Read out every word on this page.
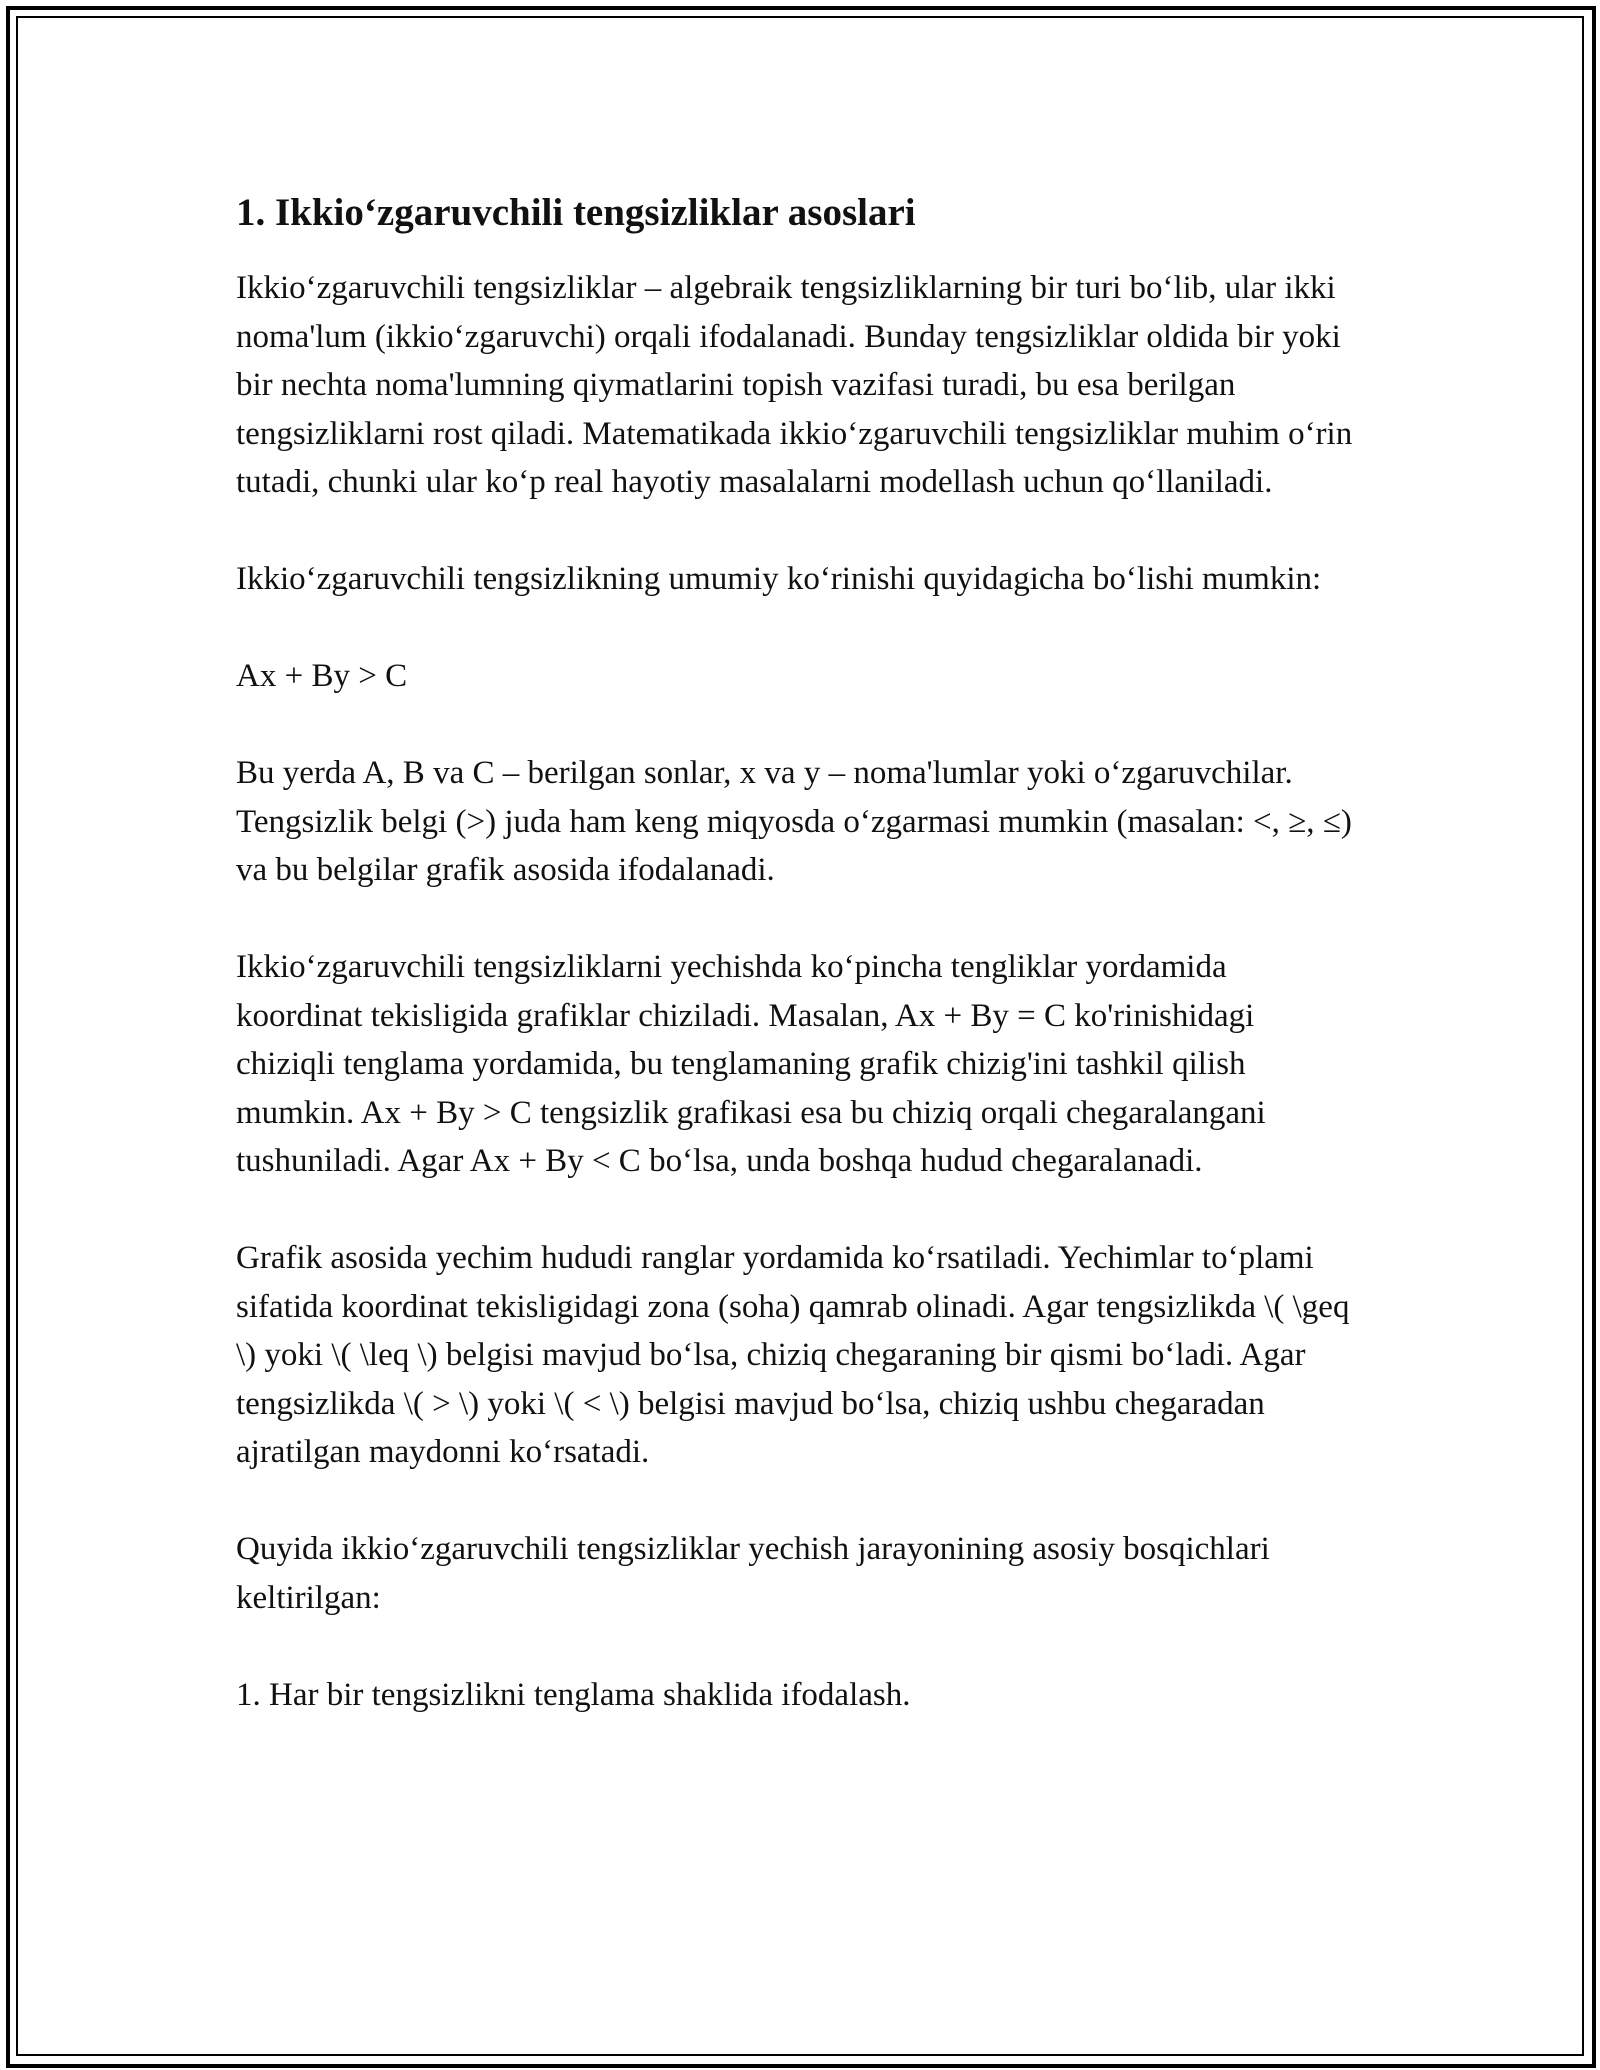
1. Ikkio‘zgaruvchili tengsizliklar asoslari

Ikkio‘zgaruvchili tengsizliklar – algebraik tengsizliklarning bir turi bo‘lib, ular ikki noma'lum (ikkio‘zgaruvchi) orqali ifodalanadi. Bunday tengsizliklar oldida bir yoki bir nechta noma'lumning qiymatlarini topish vazifasi turadi, bu esa berilgan tengsizliklarni rost qiladi. Matematikada ikkio‘zgaruvchili tengsizliklar muhim o‘rin tutadi, chunki ular ko‘p real hayotiy masalalarni modellash uchun qo‘llaniladi.

Ikkio‘zgaruvchili tengsizlikning umumiy ko‘rinishi quyidagicha bo‘lishi mumkin:

Ax + By > C

Bu yerda A, B va C – berilgan sonlar, x va y – noma'lumlar yoki o‘zgaruvchilar. Tengsizlik belgi (>) juda ham keng miqyosda o‘zgarmasi mumkin (masalan: <, ≥, ≤) va bu belgilar grafik asosida ifodalanadi.

Ikkio‘zgaruvchili tengsizliklarni yechishda ko‘pincha tengliklar yordamida koordinat tekisligida grafiklar chiziladi. Masalan, Ax + By = C ko'rinishidagi chiziqli tenglama yordamida, bu tenglamaning grafik chizig'ini tashkil qilish mumkin. Ax + By > C tengsizlik grafikasi esa bu chiziq orqali chegaralangani tushuniladi. Agar Ax + By < C bo‘lsa, unda boshqa hudud chegaralanadi.

Grafik asosida yechim hududi ranglar yordamida ko‘rsatiladi. Yechimlar to‘plami sifatida koordinat tekisligidagi zona (soha) qamrab olinadi. Agar tengsizlikda \( \geq \) yoki \( \leq \) belgisi mavjud bo‘lsa, chiziq chegaraning bir qismi bo‘ladi. Agar tengsizlikda \( > \) yoki \( < \) belgisi mavjud bo‘lsa, chiziq ushbu chegaradan ajratilgan maydonni ko‘rsatadi.

Quyida ikkio‘zgaruvchili tengsizliklar yechish jarayonining asosiy bosqichlari keltirilgan:

1. Har bir tengsizlikni tenglama shaklida ifodalash.
